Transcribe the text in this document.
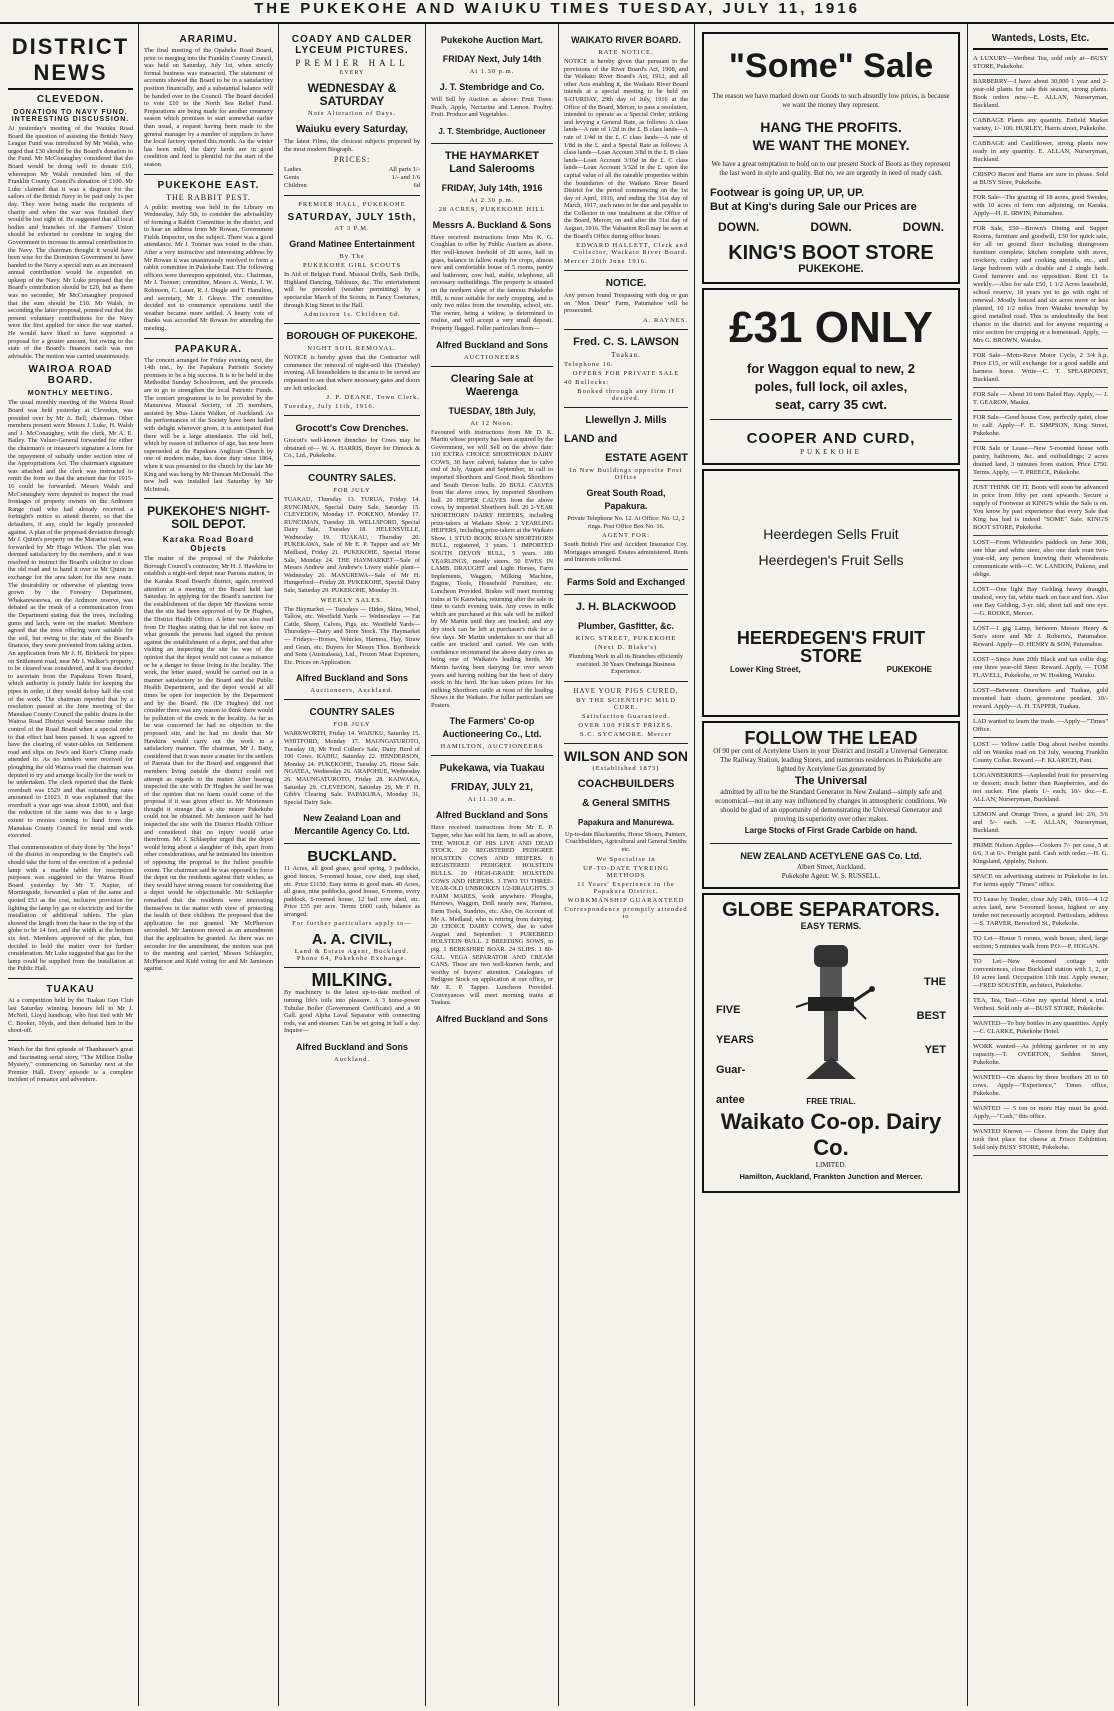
THE PUKEKOHE AND WAIUKU TIMES TUESDAY, JULY 11, 1916
DISTRICT NEWS
CLEVEDON.
DONATION TO NAVY FUND. INTERESTING DISCUSSION.

At yesterday's meeting of the Waiuku Road Board the question of assisting the British Navy League Fund was introduced by Mr Walsh, who urged that £30 should be the Board's donation to the Fund. Mr McConaughey considered that the Board would be doing well to donate £10, whereupon Mr Walsh reminded him of the Franklin County Council's donation of £100. Mr Luke claimed that it was a disgrace for the sailors of the British Navy to be paid only 1s per day. They were being made the recipients of charity and when the war was finished they would be lost sight of. He suggested that all local bodies and branches of the Farmers' Union should be exhorted to combine in urging the Government to increase its annual contribution to the Navy. The chairman thought it would have been wise for the Dominion Government to have handed to the Navy a special sum as an increased annual contribution would be expended on upkeep of the Navy. Mr Luke proposed that the Board's contribution should be £20, but as there was no seconder, Mr McConaughey proposed that the sum should be £10. Mr Walsh, in seconding the latter proposal, pointed out that the present voluntary contributions for the Navy were the first applied for since the war started. He would have liked to have supported a proposal for a greater amount, but owing to the state of the Board's finances each was not advisable. The motion was carried unanimously.

WAIROA ROAD BOARD.
MONTHLY MEETING.

The usual monthly meeting of the Wairoa Road Board was held yesterday at Clevedon, was presided over by Mr A. Bell, chairman. Other members present were Messrs J. Luke, H. Walsh and J. McConaughey, with the clerk, Mr A. E. Bailey. The Valuer-General forwarded for either the chairman's or treasurer's signature a form for the repayment of subsidy under section nine of the Appropriations Act. The chairman's signature was attached and the clerk was instructed to remit the form so that the amount due for 1915-16 could be forwarded. Messrs Walsh and McConaughey were deputed to inspect the road frontages of property owners on the Ardmore Range road who had already received a fortnight's notice to attend thereto, so that the defaulters, if any, could be legally proceeded against. A plan of the proposed deviation through Mr J. Quinn's property on the Maraetai road, was forwarded by Mr Hugo Wilson. The plan was deemed satisfactory by the members, and it was resolved to instruct the Board's solicitor to close the old road and to hand it over to Mr Quinn in exchange for the area taken for the new route. The desirability or otherwise of planting trees grown by the Forestry Department, Whakarewarewa, on the Ardmore reserve, was debated as the result of a communication from the Department stating that the trees, including gums and larch, were on the market. Members agreed that the trees offering were suitable for the soil, but owing to the state of the Board's finances, they were prevented from taking action. An application from Mr J. H. Birkbeck for pipes on Settlement road, near Mr J. Walker's property, to be cleared was considered, and it was decided to ascertain from the Papakura Town Board, which authority is jointly liable for keeping the pipes in order, if they would defray half the cost of the work. The chairman reported that by a resolution passed at the June meeting of the Manukau County Council the public drains in the Wairoa Road District would become under the control of the Road Board when a special order to that effect had been passed. It was agreed to have the clearing of water-tables on Settlement road and slips on Jew's and Kerr's Clump roads attended to. As no tenders were received for ploughing the old Wairoa road the chairman was deputed to try and arrange locally for the work to be undertaken. The clerk reported that the Bank overdraft was £529 and that outstanding rates amounted to £1023. It was explained that the overdraft a year ago was about £1000, and that the reduction of the same was due to a large extent to monies coming to hand from the Manukau County Council for metal and work executed.

That commemoration of duty done by "the boys" of the district in responding to the Empire's call should take the form of the erection of a pedestal lamp with a marble tablet for inscription purposes was suggested to the Wairoa Road Board yesterday by Mr T. Napier, of Morningside, forwarded a plan of the same and quoted £53 as the cost, inclusive provision for lighting the lamp by gas or electricity and for the installation of additional tablets. The plan showed the length from the base to the top of the globe to be 14 feet, and the width at the bottom six feet. Members approved of the plan, but decided to hold the matter over for further consideration. Mr Luke suggested that gas for the lamp could be supplied from the installation at the Public Hall.

TUAKAU

At a competition held by the Tuakau Gun Club last Saturday winning honours fell to Mr J. McNeil, Lloyd handicap, who first tied with Mr C. Booker, 10yds, and then defeated him in the shoot-off.

Watch for the first episode of Thanhauser's great and fascinating serial story, "The Million Dollar Mystery," commencing on Saturday next at the Premier Hall. Every episode is a complete incident of romance and adventure.

ARARIMU.

The final meeting of the Opaheke Road Board, prior to merging into the Franklin County Council, was held on Saturday, July 1st, when strictly formal business was transacted. The statement of accounts showed the Board to be in a satisfactory position financially, and a substantial balance will be handed over to the Council. The Board decided to vote £10 to the North Sea Relief Fund. Preparations are being made for another creamery season which promises to start somewhat earlier than usual, a request having been made to the general manager by a number of suppliers to have the local factory opened this month. As the winter has been mild, the dairy herds are in good condition and feed is plentiful for the start of the season.

PUKEKOHE EAST.
THE RABBIT PEST.

A public meeting was held in the Library on Wednesday, July 5th, to consider the advisability of forming a Rabbit Committee in the district, and to hear an address from Mr Rowan, Government Fields Inspector, on the subject. There was a good attendance. Mr J. Toomer was voted to the chair. After a very instructive and interesting address by Mr Rowan it was unanimously resolved to form a rabbit committee in Pukekohe East. The following officers were thereupon appointed, viz.: Chairman, Mr J. Toomer; committee, Messrs A. Wentz, J. W. Robinson, C. Lauer, R. J. Dingle and T. Hamilton, and secretary, Mr J. Gleave. The committee decided not to commence operations until the weather became more settled. A hearty vote of thanks was accorded Mr Rowan for attending the meeting.

PAPAKURA.

The concert arranged for Friday evening next, the 14th inst., by the Papakura Patriotic Society promises to be a big success. It is to be held in the Methodist Sunday Schoolroom, and the proceeds are to go to strengthen the local Patriotic Funds. The concert programme is to be provided by the Manurewa Musical Society, of 35 members, assisted by Miss Laura Walker, of Auckland. As the performances of the Society have been hailed with delight wherever given, it is anticipated that there will be a large attendance. The old bell, which by reason of influence of age, has now been superseded at the Papakura Anglican Church by one of modern make, has done duty since 1864, when it was presented to the church by the late Mr King and was hung by Mr Duncan McDonald. The new bell was installed last Saturday by Mr McIntosh.

PUKEKOHE'S NIGHT-SOIL DEPOT.
Karaka Road Board Objects

The matter of the proposal of the Pukekohe Borough Council's contractor, Mr H. J. Hawkins to establish a night-soil depot near Paerata station, in the Karaka Road Board's district, again received attention at a meeting of the Board held last Saturday. In applying for the Board's sanction for the establishment of the depot Mr Hawkins wrote that the site had been approved of by Dr Hughes, the District Health Officer. A letter was also read from Dr Hughes stating that he did not know on what grounds the persons had signed the protest against the establishment of a depot, and that after visiting an inspecting the site he was of the opinion that the depot would not cause a nuisance or be a danger to those living in the locality. The work, the letter stated, would be carried out in a manner satisfactory to the Board and the Public Health Department, and the depot would at all times be open for inspection by the Department and by the Board. He (Dr Hughes) did not consider there was any reason to think there would be pollution of the creek in the locality. As far as he was concerned he had no objection to the proposed site, and he had no doubt that Mr Hawkins would carry out the work in a satisfactory manner. The chairman, Mr J. Batty, considered that it was more a matter for the settlers of Paerata than for the Board and suggested that members living outside the district could not attempt as regards to the matter. After hearing inspected the site with Dr Hughes he said he was of the opinion that no harm could come of the proposal if it was given effect to. Mr Mortensen thought it strange that a site nearer Pukekohe could not be obtained. Mr Jamieson said he had inspected the site with the District Health Officer and considered that no injury would arise therefrom. Mr J. Schlaepfer urged that the depot would bring about a slaughter of fish, apart from other considerations, and he intimated his intention of opposing the proposal to the fullest possible extent. The chairman said he was opposed to force the depot on the residents against their wishes, as they would have strong reason for considering that a depot would be objectionable. Mr Schlaepfer remarked that the residents were interesting themselves in the matter with view of protecting the health of their children. He proposed that the application be not granted. Mr McPherson seconded. Mr Jamieson moved as an amendment that the application be granted. As there was no seconder for the amendment, the motion was put to the meeting and carried, Messrs Schlaepfer, McPherson and Kidd voting for and Mr Jamieson against.

COADY AND CALDER LYCEUM PICTURES.
PREMIER HALL
EVERY
WEDNESDAY & SATURDAY
Note Alteration of Days.
Waiuku every Saturday,

The latest Films, the choicest subjects projected by the most modern Biograph.

PRICES:
Ladies	All parts 1/-
Gents	1/- and 1/6
Children	6d
PREMIER HALL, PUKEKOHE
SATURDAY, JULY 15th,
AT 3 P.M.
Grand Matinee Entertainment
By The
PUKEKOHE GIRL SCOUTS

In Aid of Belgian Fund. Musical Drills, Sash Drills, Highland Dancing, Tableaux, &c. The entertainment will be preceded (weather permitting) by a spectacular March of the Scouts, in Fancy Costumes, through King Street to the Hall.

Admission 1s. Children 6d.
BOROUGH OF PUKEKOHE.
NIGHT SOIL REMOVAL.

NOTICE is hereby given that the Contractor will commence the removal of night-soil this (Tuesday) evening. All householders in the area to be served are requested to see that where necessary gates and doors are left unlocked.

J. P. DEANE, Town Clerk.
Tuesday, July 11th, 1916.
Grocott's Cow Drenches.

Grocott's well-known drenches for Cows may be obtained of— W. A. HARRIS, Buyer for Dimock & Co., Ltd., Pukekohe.

COUNTRY SALES.
FOR JULY

TUAKAU, Thursday 13. TURUA, Friday 14. RUNCIMAN, Special Dairy Sale, Saturday 15. CLEVEDON, Monday 17. POKENO, Monday 17. RUNCIMAN, Tuesday 18. WELLSFORD, Special Dairy Sale, Tuesday 18. HELENSVILLE, Wednesday 19. TUAKAU, Thursday 20. PUKEKAWA, Sale of Mr E. P. Tapper and a/c Mr Medland, Friday 21. PUKEKOHE, Special Horse Sale, Monday 24. THE HAYMARKET—Sale of Messrs Andrew and Andrew's Livery stable plant—Wednesday 26. MANUREWA—Sale of Mr H. Hungerford—Friday 28. PUKEKOHE, Special Dairy Sale, Saturday 29. PUKEKOHE, Monday 31.

WEEKLY SALES.

The Haymarket — Tuesdays — Hides, Skins, Wool, Tallow, etc. Westfield Yards — Wednesdays — Fat Cattle, Sheep, Calves, Pigs, etc. Westfield Yards—Thursdays—Dairy and Store Stock. The Haymarket — Fridays—Horses, Vehicles, Harness, Hay, Straw and Grain, etc. Buyers for Messrs Thos. Borthwick and Sons (Australasia), Ltd., Frozen Meat Exporters, Etc. Prices on Application.

Alfred Buckland and Sons
Auctioneers, Auckland.
COUNTRY SALES
FOR JULY

WARKWORTH, Friday 14. WAIUKU, Saturday 15. WHITFORD, Monday 17. MAUNGATUROTO, Tuesday 18, Mr Fred Cullen's Sale, Dairy Herd of 100 Cows. KAIHU, Saturday 22. HENDERSON, Monday 24. PUKEKOHE, Tuesday 25. Horse Sale. NGATEA, Wednesday 26. ARAPOHUE, Wednesday 26. MAUNGATUROTO, Friday 28. KAIWAKA, Saturday 29. CLEVEDON, Saturday 29, Mr F. H. Gibb's Clearing Sale. PAPAKURA, Monday 31, Special Dairy Sale.

New Zealand Loan and Mercantile Agency Co. Ltd.
BUCKLAND.

11 Acres, all good grass, good spring, 3 paddocks, good fences, 5-roomed house, cow shed, trap shed, etc. Price £1150. Easy terms to good man. 40 Acres, all grass, nine paddocks, good house, 6 rooms, every paddock, 6-roomed house, 12 bail cow shed, etc. Price £35 per acre. Terms £600 cash, balance as arranged.

For further particulars apply to—
A. A. CIVIL,
Land & Estate Agent, Buckland. Phone 64, Pukekohe Exchange.
MILKING.

By machinery is the latest up-to-date method of turning life's toils into pleasure. A 3 horse-power Tubular Boiler (Government Certificate) and a 90 Gall. good Alpha Laval Separator with connecting rods, vat and steamer. Can be set going in half a day. Inquire—

Alfred Buckland and Sons
Auckland.
Pukekohe Auction Mart.
FRIDAY Next, July 14th
At 1.30 p.m.
J. T. Stembridge and Co.

Will Sell by Auction as above: Fruit Trees: Peach, Apple, Nectarine and Lemon. Poultry. Fruit. Produce and Vegetables.

J. T. Stembridge, Auctioneer
THE HAYMARKET Land Salerooms
FRIDAY, July 14th, 1916
At 2.30 p.m.
28 ACRES, PUKEKOHE HILL
Messrs A. Buckland & Sons

Have received instructions from Mrs K. G. Coughlan to offer by Public Auction as above. Her well-known freehold of 28 acres, half in grass, balance in fallow ready for crops, almost new and comfortable house of 5 rooms, pantry and bathroom, cow bail, stable, telephone, all necessary outbuildings. The property is situated on the northern slope of the famous Pukekohe Hill, is most suitable for early cropping, and is only two miles from the township, school, etc. The owner, being a widow, is determined to realise, and will accept a very small deposit. Property flagged. Fuller particulars from—

Alfred Buckland and Sons
AUCTIONEERS
Clearing Sale at Waerenga
TUESDAY, 18th July,
At 12 Noon.

Favoured with instructions from Mr D. K. Martin whose property has been acquired by the Government, we will Sell on the above date: 110 EXTRA CHOICE SHORTHORN DAIRY COWS, 30 have calved, balance due to calve end of July, August and September, in calf to imported Shorthorn and Good Book Shorthorn and South Devon bulls. 20 BULL CALVES from the above cows, by imported Shorthorn bull. 20 HEIFER CALVES from the above cows, by imported Shorthorn bull. 20 2-YEAR SHORTHORN DAIRY HEIFERS, including prize-takers at Waikato Show. 2 YEARLING HEIFERS, including prize-takers at the Waikato Show. 1 STUD BOOK ROAN SHORTHORN BULL, registered, 3 years. 1 IMPORTED SOUTH DEVON BULL, 5 years. 180 YEARLINGS, mostly steers. 50 EWES IN LAMB. DRAUGHT and Light Horses, Farm Implements, Waggon, Milking Machine, Engine, Tools, Household Furniture, etc. Luncheon Provided. Brakes will meet morning trains at Te Kauwhata, returning after the sale in time to catch evening train. Any cows in milk which are purchased at this sale will be milked by Mr Martin until they are trucked; and any dry stock can be left at purchaser's risk for a few days. Mr Martin undertakes to see that all cattle are trucked and carted. We can with confidence recommend the above dairy cows as being one of Waikato's leading herds, Mr Martin having been dairying for over seven years and having nothing but the best of dairy stock in his herd. He has taken prizes for his milking Shorthorn cattle at most of the leading Shows in the Waikato. For fuller particulars see Posters.

The Farmers' Co-op Auctioneering Co., Ltd.
HAMILTON, AUCTIONEERS
Pukekawa, via Tuakau
FRIDAY, JULY 21,
At 11.30 a.m.
Alfred Buckland and Sons

Have received instructions from Mr E. P. Tapper, who has sold his farm, to sell as above, THE WHOLE OF HIS LIVE AND DEAD STOCK. 20 REGISTERED PEDIGREE HOLSTEIN COWS AND HEIFERS. 6 REGISTERED PEDIGREE HOLSTEIN BULLS. 20 HIGH-GRADE HOLSTEIN COWS AND HEIFERS. 3 TWO TO THREE-YEAR-OLD UNBROKEN 1/2-DRAUGHTS. 3 FARM MARES, work anywhere. Ploughs, Harrows, Waggon, Drill nearly new, Harness, Farm Tools, Sundries, etc. Also, On Account of Mr A. Medland, who is retiring from dairying. 20 CHOICE DAIRY COWS, due to calve August and September. 1 PUREBRED HOLSTEIN BULL. 2 BREEDING SOWS, in pig. 1 BERKSHIRE BOAR. 24 SLIPS. 1 80-GAL. VEGA SEPARATOR AND CREAM CANS. These are two well-known herds, and worthy of buyers' attention. Catalogues of Pedigree Stock on application at our office, or Mr E. P. Tapper. Luncheon Provided. Conveyances will meet morning trains at Tuakau.

Alfred Buckland and Sons
WAIKATO RIVER BOARD.
RATE NOTICE.

NOTICE is hereby given that pursuant to the provisions of the River Board's Act, 1908, and the Waikato River Board's Act, 1912, and all other Acts enabling it, the Waikato River Board intends at a special meeting to be held on SATURDAY, 29th day of July, 1916 at the Office of the Board, Mercer, to pass a resolution, intended to operate as a Special Order, striking and levying a General Rate, as follows: A class lands—A rate of 1/2d in the £. B class lands—A rate of 1/4d in the £. C class lands—A rate of 1/8d in the £. and a Special Rate as follows: A class lands—Loan Account 3/8d in the £. B class lands—Loan Account 3/16d in the £. C class lands—Loan Account 3/32d in the £. upon the capital value of all the rateable properties within the boundaries of the Waikato River Board District for the period commencing on the 1st day of April, 1916, and ending the 31st day of March, 1917, such rates to be due and payable to the Collector in one instalment at the Office of the Board, Mercer, on and after the 31st day of August, 1916. The Valuation Roll may be seen at the Board's Office during office hours.

EDWARD HALLETT, Clerk and Collector, Waikato River Board.
Mercer 20th June 1916.
NOTICE.

Any person found Trespassing with dog or gun on "Mon Desir" Farm, Patumahoe will be prosecuted.

A. RAYNES.
Fred. C. S. LAWSON
Tuakau.
Telephone 16.
OFFERS FOR PRIVATE SALE
40 Bullocks:
Booked through any firm if desired.
Llewellyn J. Mills
LAND and
ESTATE AGENT
In New Buildings opposite Post Office
Great South Road, Papakura.

Private Telephone No. 12. At Office: No. 12, 2 rings. Post Office Box No. 16.

AGENT FOR:

South British Fire and Accident Insurance Coy. Mortgages arranged. Estates administered. Rents and Interests collected.

Farms Sold and Exchanged
J. H. BLACKWOOD
Plumber, Gasfitter, &c.
KING STREET, PUKEKOHE
(Next D. Blake's)

Plumbing Work in all its Branches efficiently executed. 30 Years Onehunga Business Experience.

HAVE YOUR PIGS CURED,
BY THE SCIENTIFIC MILD CURE.
Satisfaction Guaranteed.
OVER 100 FIRST PRIZES.
S.C. SYCAMORE. Mercer
WILSON AND SON
(Established 1873)
COACHBUILDERS
& General SMITHS
Papakura and Manurewa.

Up-to-date Blacksmiths, Horse Shoers, Painters, Coachbuilders, Agricultural and General Smiths etc.

We Specialise in
UP-TO-DATE TYREING METHODS
11 Years' Experience in the Papakura District.
WORKMANSHIP GUARANTEED
Correspondence promptly attended to
"Some" Sale
The reason we have marked down our Goods to such absurdly low prices, is because we want the money they represent.
HANG THE PROFITS.
WE WANT THE MONEY.
We have a great temptation to hold on to our present Stock of Boots as they represent the last word in style and quality. But no, we are urgently in need of ready cash.
Footwear is going UP, UP, UP.
But at King's during Sale our Prices are
DOWN.	DOWN.	DOWN.
KING'S BOOT STORE
PUKEKOHE.
£31 ONLY
for Waggon equal to new, 2 poles, full lock, oil axles, seat, carry 35 cwt.
COOPER AND CURD,
PUKEKOHE
Heerdegen Sells Fruit
Heerdegen's Fruit Sells
HEERDEGEN'S FRUIT STORE
Lower King Street,	PUKEKOHE
FOLLOW THE LEAD
Of 90 per cent of Acetylene Users in your District and install a Universal Generator. The Railway Station, leading Stores, and numerous residences in Pukekohe are lighted by Acetylene Gas generated by
The Universal
admitted by all to be the Standard Generator in New Zealand—simply safe and economical—not in any way influenced by changes in atmospheric conditions. We should be glad of an opportunity of demonstrating the Universal Generator and proving its superiority over other makes.
Large Stocks of First Grade Carbide on hand.
NEW ZEALAND ACETYLENE GAS Co. Ltd.
Albert Street, Auckland.
Pukekohe Agent: W. S. RUSSELL.
GLOBE SEPARATORS.
EASY TERMS.
FIVE
YEARS
Guar-
antee
THE
BEST
YET
FREE TRIAL.
Waikato Co-op. Dairy Co.
LIMITED.
Hamilton, Auckland, Frankton Junction and Mercer.
Wanteds, Losts, Etc.
A LUXURY—Veribest Tea, sold only at—BUSY STORE, Pukekohe.
BARBERRY—I have about 30,000 1 year and 2-year-old plants for sale this season, strong plants. Book orders now.—E. ALLAN, Nurseryman, Buckland.
CABBAGE Plants any quantity. Enfield Market variety, 1/- 100. HURLEY, Harris street, Pukekohe.
CABBAGE and Cauliflower, strong plants now ready in any quantity. E. ALLAN, Nurseryman, Buckland.
CRISPO Bacon and Hams are sure to please. Sold at BUSY Store, Pukekohe.
FOR Sale—The grazing of 18 acres, good Swedes, with 10 acres of fern run adjoining, on Karaka. Apply—H. E. IRWIN, Patumahoe.
FOR Sale, £50—Brown's Dining and Supper Rooms, furniture and goodwill, £30 for quick sale, for all on ground floor including diningroom furniture complete, kitchen complete with stove, crockery, cutlery and cooking utensils, etc., and large bedroom with a double and 2 single beds. Good turnover and no opposition. Rent £1 1s weekly.—Also for sale £50, 1 1/2 Acres leasehold, school reserve, 18 years yet to go with right of renewal. Mostly fenced and six acres more or less planted, 10 1/2 miles from Waiuku township by good metalled road. This is undoubtedly the best chance in the district and for anyone requiring a nice section for cropping or a homestead. Apply, —Mrs G. BROWN, Waiuku.
FOR Sale—Moto-Reve Motor Cycle, 2 3/4 h.p. Price £15, or will exchange for a good saddle and harness horse. Write—C. T. SPEARPOINT, Buckland.
FOR Sale — About 10 tons Baled Hay. Apply, — J. T. GEARON, Mauku.
FOR Sale—Good house Cow, perfectly quiet, close to calf. Apply—F. E. SIMPSON, King Street, Pukekohe.
FOR Sale or Lease—New 5-roomed house with pantry, bathroom, &c. and outbuildings; 2 acres drained land, 3 minutes from station. Price £750. Terms. Apply, — T. PREECE, Pukekohe.
JUST THINK OF IT. Boots will soon be advanced in price from fifty per cent upwards. Secure a supply of Footwear at KING'S while the Sale is on. You know by past experience that every Sale that King has had is indeed "SOME" Sale. KING'S BOOT STORE, Pukekohe.
LOST—From Whiteside's paddock on June 30th, one blue and white steer, also one dark roan two-year-old, any person knowing their whereabouts communicate with—C. W. LANDON, Pukeno, and oblige.
LOST—One light Bay Gelding heavy draught, unshod, very fat, white mark on face and feet. Also one Bay Gelding, 3-yr. old, short tail and one eye.—G. ROOKE, Mercer.
LOST—1 gig Lamp, between Messrs Henry & Son's store and Mr J. Roberts's, Patumahoe. Reward. Apply—D. HENRY & SON, Patumahoe.
LOST—Since June 20th Black and tan collie dog; one three year-old Steer. Reward. Apply, — TOM FLAVELL, Pukekohe, or W. Hosking, Waiuku.
LOST—Between Onewhero and Tuakau, gold mounted hair chain, greenstone pendant. 10/- reward. Apply—A. H. TAPPER, Tuakau.
LAD wanted to learn the trade. —Apply—"Times" Office.
LOST — Yellow cattle Dog about twelve months old on Waiuku road on 1st July, wearing Franklin County Collar. Reward.—F. KLARICH, Pani.
LOGANBERRIES—Asplendid fruit for preserving or dessert; much better than Raspberries, and do not sucker. Fine plants 1/- each; 10/- doz.—E. ALLAN, Nurseryman, Buckland.
LEMON and Orange Trees, a grand lot: 2/6, 3/6 and 5/- each. —E. ALLAN, Nurseryman, Buckland.
PRIME Nelson Apples—Cookers 7/- per case, 5 at 6/6, 3 at 6/-. Freight paid. Cash with order.—H. G. Kingsland, Appleby, Nelson.
SPACE on advertising stations in Pukekohe to let. For terms apply "Times" office.
TO Lease by Tender, close July 24th, 1916—4 1/2 acres land, new 5-roomed house, highest or any tender not necessarily accepted. Particulars, address—S. TARVER, Beresford St., Pukekohe.
TO Let—House 5 rooms, wash house, shed, large section; 5 minutes walk from P.O.—P. HOGAN.
TO Let—New 4-roomed cottage with conveniences, close Buckland station with 1, 2, or 10 acres land. Occupation 11th inst. Apply owner,—FRED SOUSTER, architect, Pukekohe.
TEA, Tea, Tea!—Give my special blend a trial. Veribest. Sold only at—BUST STORE, Pukekohe.
WANTED—To buy bottles in any quantities. Apply—C. CLARKE, Pukekohe Hotel.
WORK wanted—As jobbing gardener or in any capacity.—T. OVERTON, Seddon Street, Pukekohe.
WANTED—On shares by three brothers 20 to 60 cows. Apply—"Experience," Times office, Pukekohe.
WANTED — 5 ton or more Hay must be good. Apply,—"Cash," this office.
WANTED Known — Cheese from the Dairy that took first place for cheese at Frisco Exhibition. Sold only BUSY STORE, Pukekohe.
